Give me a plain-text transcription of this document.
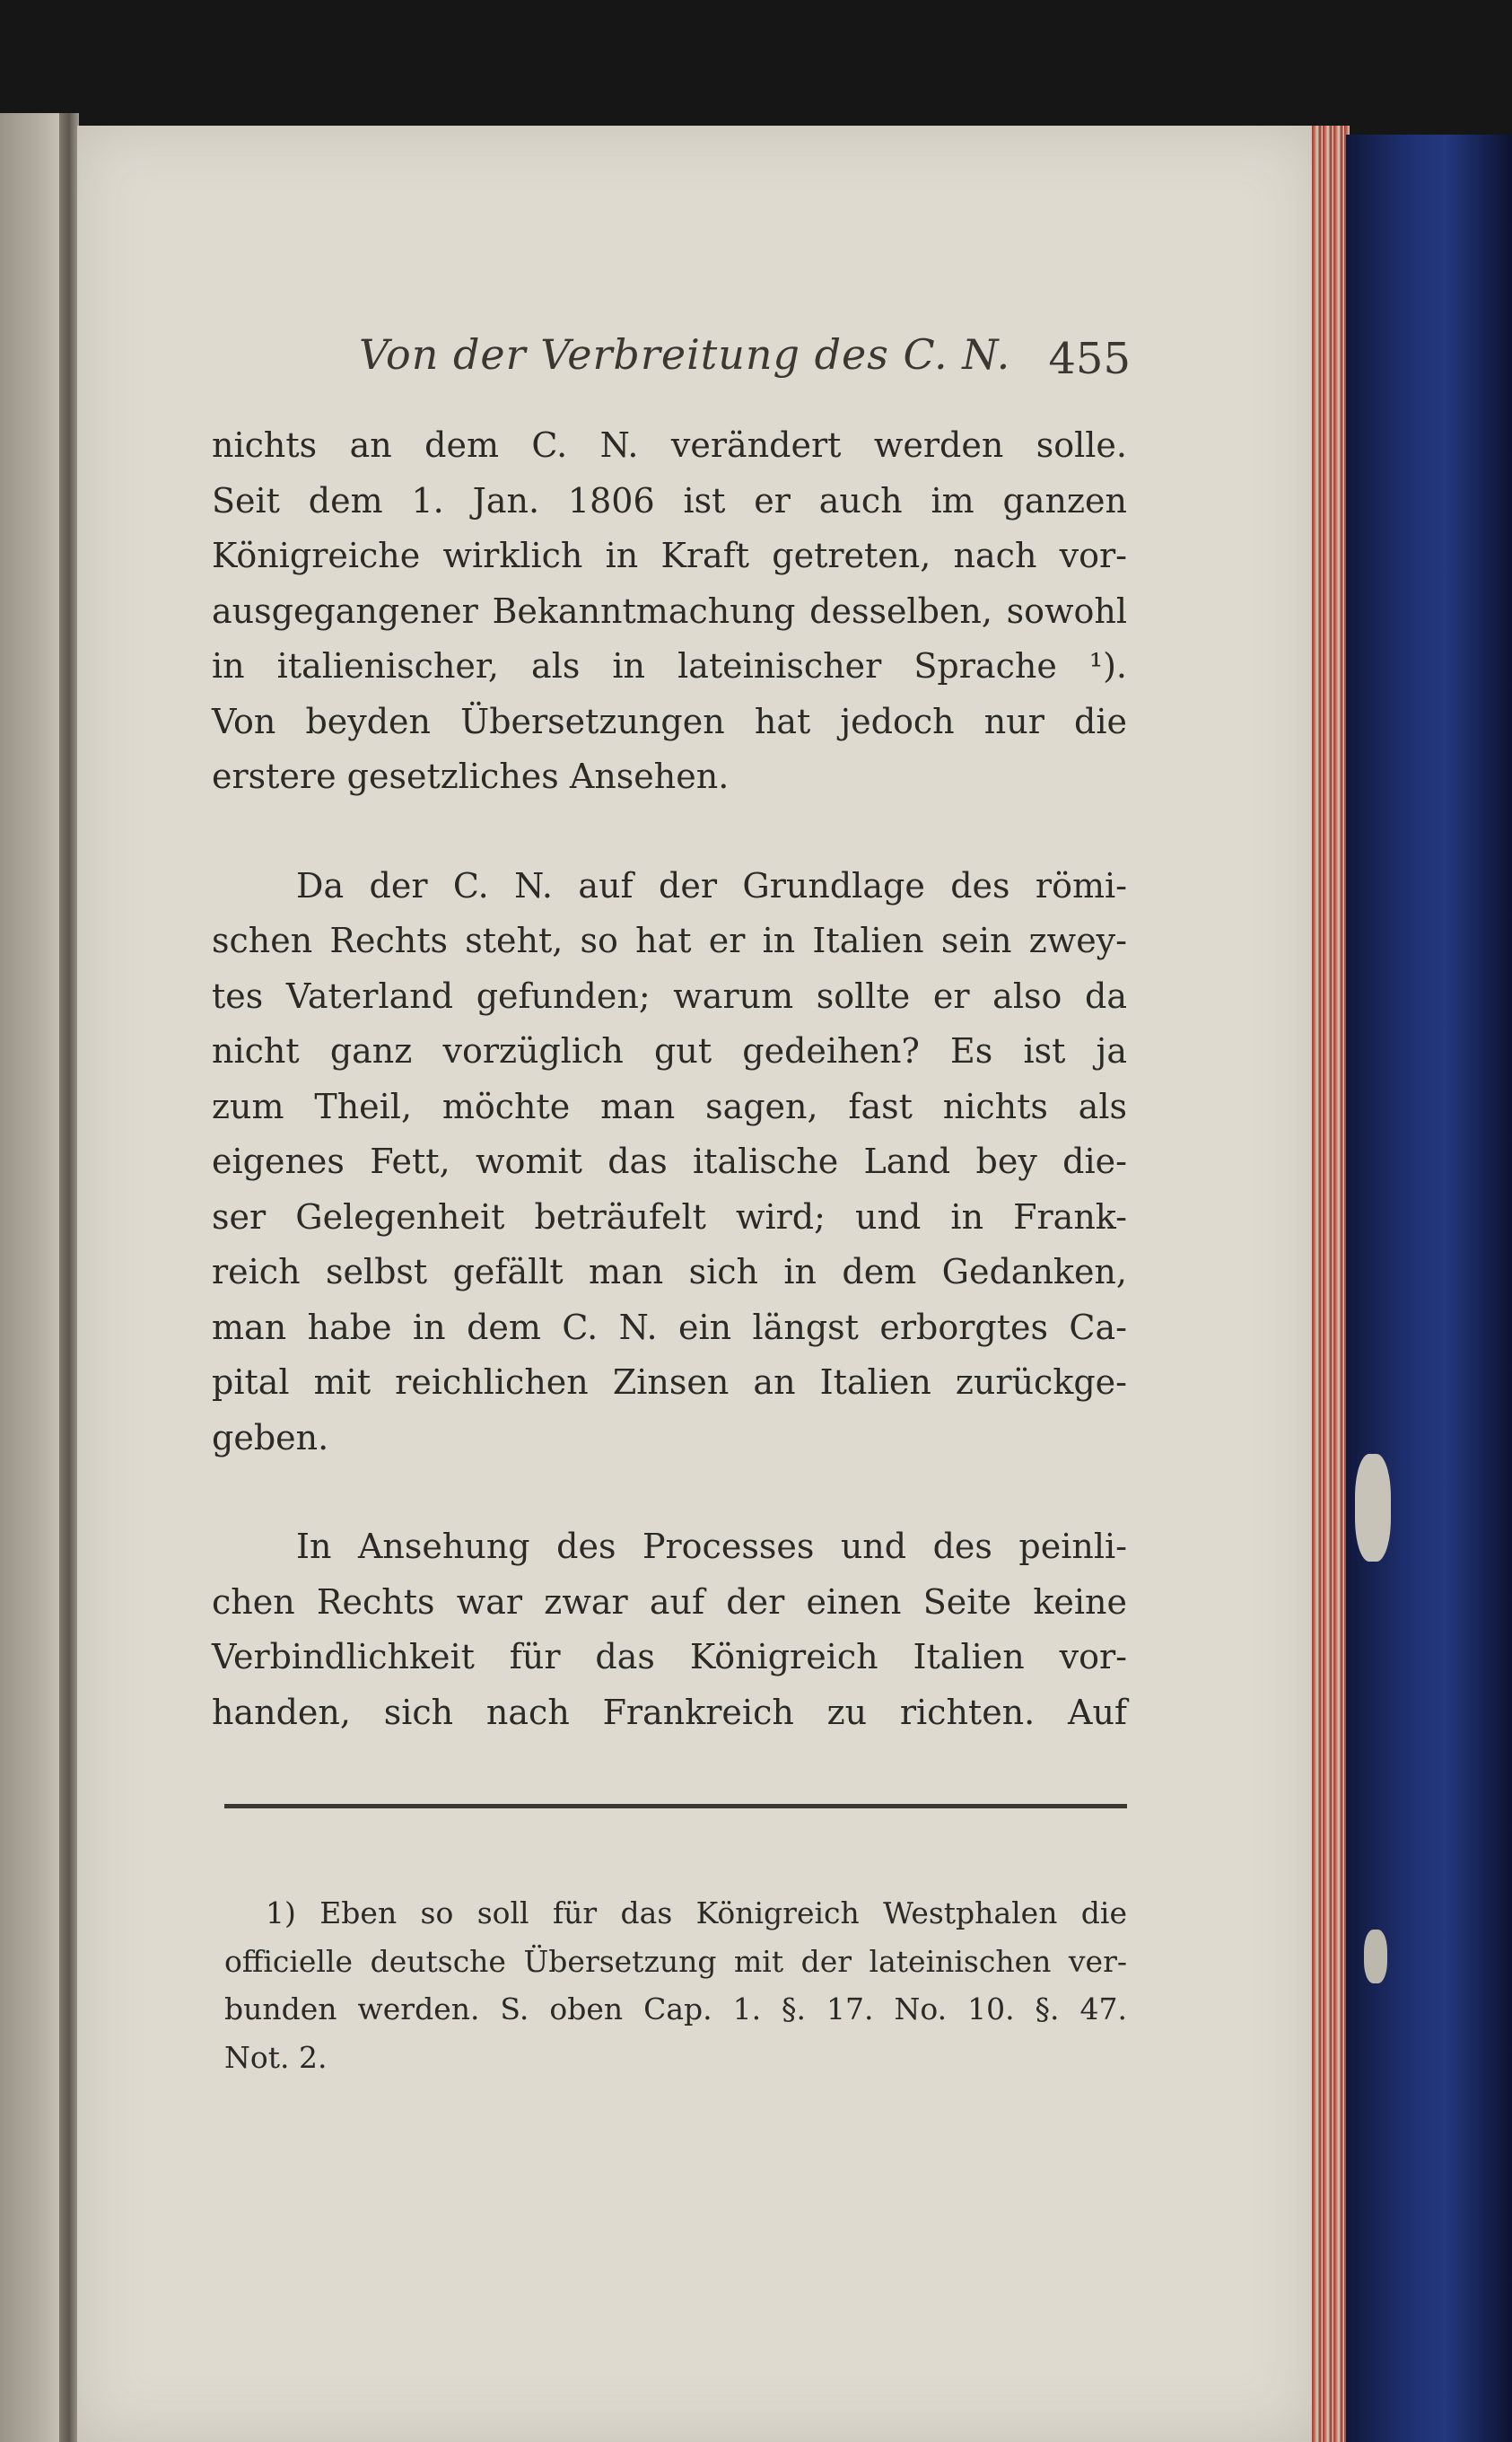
Von der Verbreitung des C. N. 455

nichts an dem C. N. verändert werden solle.

Seit dem 1. Jan. 1806 ist er auch im ganzen

Königreiche wirklich in Kraft getreten, nach vor-

ausgegangener Bekanntmachung desselben, sowohl

in italienischer, als in lateinischer Sprache ¹).

Von beyden Übersetzungen hat jedoch nur die

erstere gesetzliches Ansehen.

Da der C. N. auf der Grundlage des römi-

schen Rechts steht, so hat er in Italien sein zwey-

tes Vaterland gefunden; warum sollte er also da

nicht ganz vorzüglich gut gedeihen? Es ist ja

zum Theil, möchte man sagen, fast nichts als

eigenes Fett, womit das italische Land bey die-

ser Gelegenheit beträufelt wird; und in Frank-

reich selbst gefällt man sich in dem Gedanken,

man habe in dem C. N. ein längst erborgtes Ca-

pital mit reichlichen Zinsen an Italien zurückge-

geben.

In Ansehung des Processes und des peinli-

chen Rechts war zwar auf der einen Seite keine

Verbindlichkeit für das Königreich Italien vor-

handen, sich nach Frankreich zu richten. Auf

1) Eben so soll für das Königreich Westphalen die

officielle deutsche Übersetzung mit der lateinischen ver-

bunden werden. S. oben Cap. 1. §. 17. No. 10. §. 47.

Not. 2.
